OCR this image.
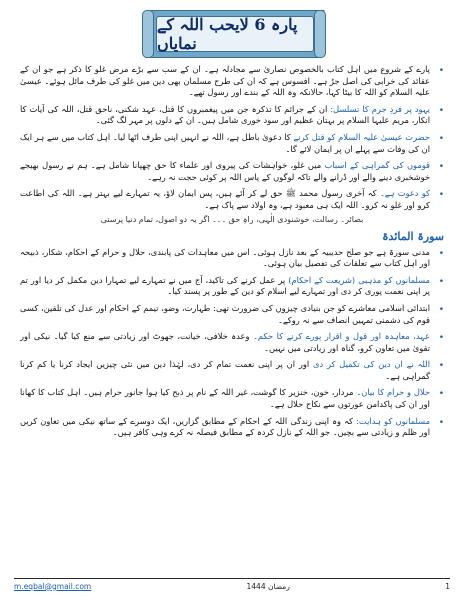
پارہ 6 لایحب اللہ کے نمایاں
•
پارے کے شروع میں اہل کتاب بالخصوص نصاریٰ سے مجادلہ ہے۔ ان کے سب سے بڑے مرض غلو کا ذکر ہے جو ان کے عقائد کی خرابی کی اصل جڑ ہے۔ افسوس ہے کہ ان کی طرح مسلمان بھی دین میں غلو کی طرف مائل ہوئے۔ عیسیٰ علیہ السلام کو اللہ کا بیٹا کہا، حالانکہ وہ اللہ کے بندے اور رسول تھے۔
•
یہود پر فردِ جرم کا تسلسل: ان کے جرائم کا تذکرہ جن میں پیغمبروں کا قتل، عہد شکنی، ناحق قتل، اللہ کی آیات کا انکار، مریم علیہا السلام پر بہتان عظیم اور سود خوری شامل ہیں۔ ان کے دلوں پر مہر لگ گئی۔
•
حضرت عیسیٰ علیہ السلام کو قتل کرنے کا دعویٰ باطل ہے، اللہ نے انہیں اپنی طرف اٹھا لیا۔ اہل کتاب میں سے ہر ایک ان کی وفات سے پہلے ان پر ایمان لائے گا۔
•
قوموں کی گمراہی کے اسباب میں غلو، خواہشات کی پیروی اور علماء کا حق چھپانا شامل ہے۔ ہم نے رسول بھیجے خوشخبری دینے والے اور ڈرانے والے تاکہ لوگوں کے پاس اللہ پر کوئی حجت نہ رہے۔
•
کو دعوت ہے۔ کہ آخری رسول محمد ﷺ حق لے کر آئے ہیں، پس ایمان لاؤ، یہ تمہارے لیے بہتر ہے۔ اللہ کی اطاعت کرو اور غلو نہ کرو۔ اللہ ایک ہی معبود ہے، وہ اولاد سے پاک ہے۔
بصائر۔ رسالت، خوشنودی الٰہی، راہِ حق ۔۔۔ اگر یہ دو اصول، تمام دنیا پرستی
سورۃ المائدۃ
•
مدنی سورۃ ہے جو صلح حدیبیہ کے بعد نازل ہوئی۔ اس میں معاہدات کی پابندی، حلال و حرام کے احکام، شکار، ذبیحہ اور اہل کتاب سے تعلقات کی تفصیل بیان ہوئی۔
•
مسلمانوں کو مذہبی (شریعت کے احکام) پر عمل کرنے کی تاکید، آج میں نے تمہارے لیے تمہارا دین مکمل کر دیا اور تم پر اپنی نعمت پوری کر دی اور تمہارے لیے اسلام کو دین کے طور پر پسند کیا۔
•
ابتدائی اسلامی معاشرے کو جن بنیادی چیزوں کی ضرورت تھی: طہارت، وضو، تیمم کے احکام اور عدل کی تلقین، کسی قوم کی دشمنی تمہیں انصاف سے نہ روکے۔
•
عہد، معاہدہ اور قول و اقرار پورے کرنے کا حکم۔ وعدہ خلافی، خیانت، جھوٹ اور زیادتی سے منع کیا گیا۔ نیکی اور تقویٰ میں تعاون کرو، گناہ اور زیادتی میں نہیں۔
•
اللہ نے ان دین کی تکمیل کر دی اور ان پر اپنی نعمت تمام کر دی، لہٰذا دین میں نئی چیزیں ایجاد کرنا یا کم کرنا گمراہی ہے۔
•
حلال و حرام کا بیان۔ مردار، خون، خنزیر کا گوشت، غیر اللہ کے نام پر ذبح کیا ہوا جانور حرام ہیں۔ اہل کتاب کا کھانا اور ان کی پاکدامن عورتوں سے نکاح حلال ہے۔
•
مسلمانوں کو ہدایت: کہ وہ اپنی زندگی اللہ کے احکام کے مطابق گزاریں، ایک دوسرے کے ساتھ نیکی میں تعاون کریں اور ظلم و زیادتی سے بچیں۔ جو اللہ کے نازل کردہ کے مطابق فیصلہ نہ کرے وہی کافر ہیں۔
m.eqbal@gmail.com	رمضان 1444	1
